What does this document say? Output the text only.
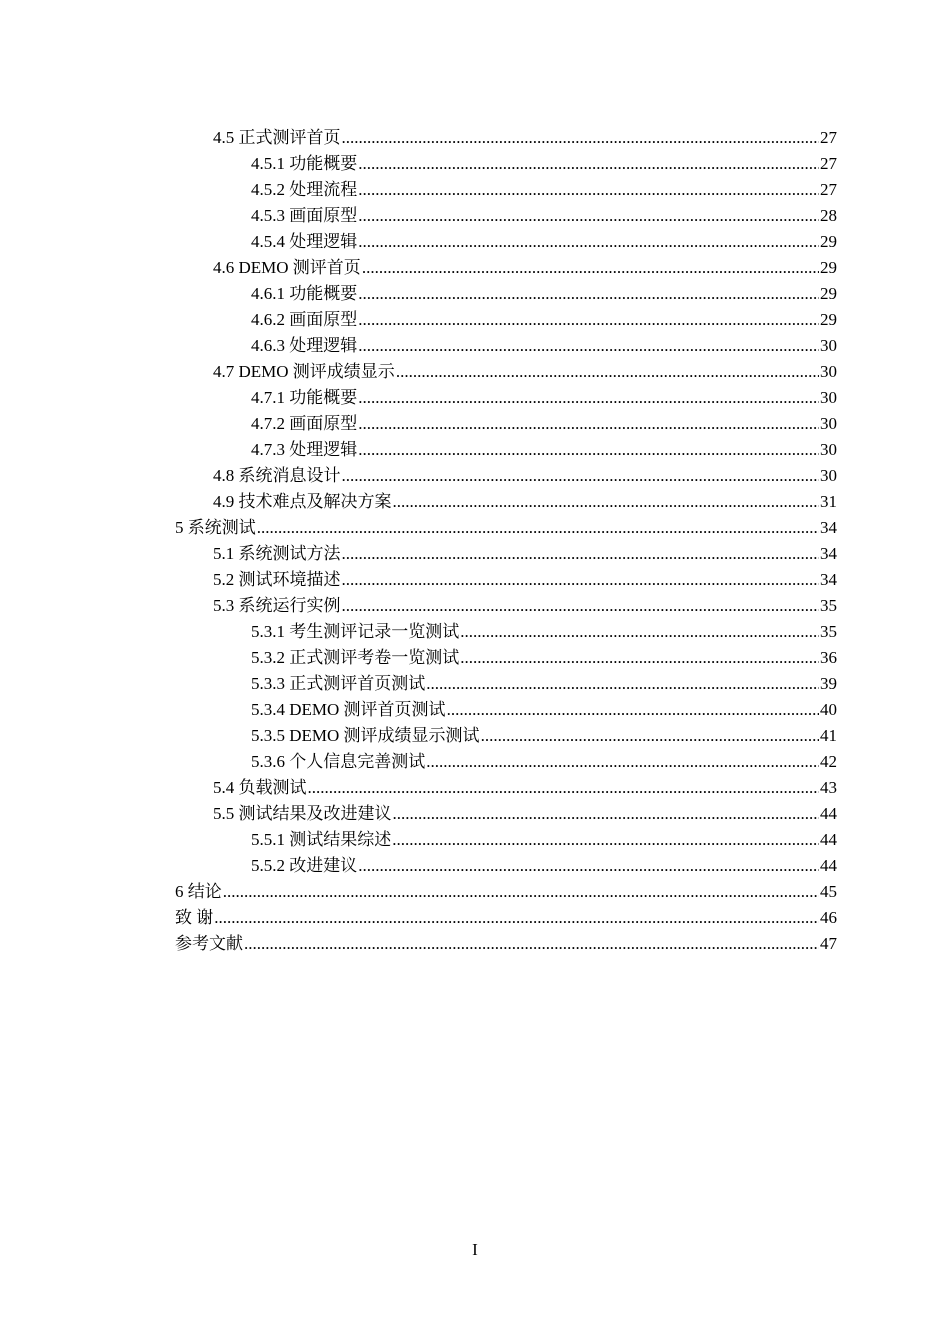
4.5 正式测评首页 .....	27
4.5.1 功能概要 .....	27
4.5.2 处理流程 .....	27
4.5.3 画面原型 .....	28
4.5.4 处理逻辑 .....	29
4.6 DEMO 测评首页 .....	29
4.6.1 功能概要 .....	29
4.6.2 画面原型 .....	29
4.6.3 处理逻辑 .....	30
4.7 DEMO 测评成绩显示 .....	30
4.7.1 功能概要 .....	30
4.7.2 画面原型 .....	30
4.7.3 处理逻辑 .....	30
4.8 系统消息设计 .....	30
4.9 技术难点及解决方案 .....	31
5 系统测试 .....	34
5.1 系统测试方法 .....	34
5.2 测试环境描述 .....	34
5.3 系统运行实例 .....	35
5.3.1 考生测评记录一览测试 .....	35
5.3.2 正式测评考卷一览测试 .....	36
5.3.3 正式测评首页测试 .....	39
5.3.4 DEMO 测评首页测试 .....	40
5.3.5 DEMO 测评成绩显示测试 .....	41
5.3.6 个人信息完善测试 .....	42
5.4 负载测试 .....	43
5.5 测试结果及改进建议 .....	44
5.5.1 测试结果综述 .....	44
5.5.2 改进建议 .....	44
6 结论 .....	45
致 谢 .....	46
参考文献 .....	47
I
